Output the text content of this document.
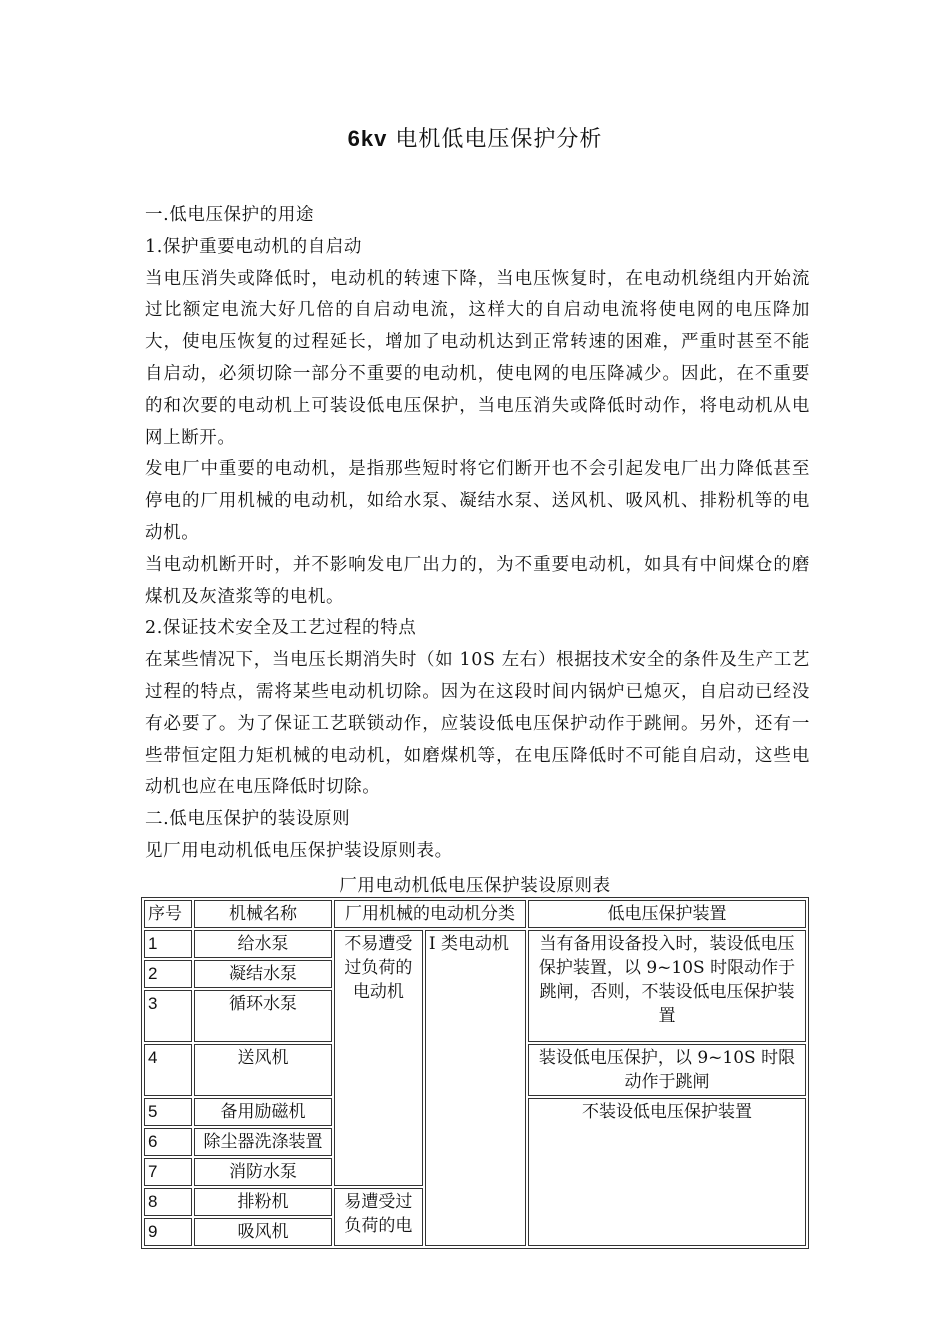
6kv 电机低电压保护分析

一.低电压保护的用途

1.保护重要电动机的自启动

当电压消失或降低时，电动机的转速下降，当电压恢复时，在电动机绕组内开始流过比额定电流大好几倍的自启动电流，这样大的自启动电流将使电网的电压降加大，使电压恢复的过程延长，增加了电动机达到正常转速的困难，严重时甚至不能自启动，必须切除一部分不重要的电动机，使电网的电压降减少。因此，在不重要的和次要的电动机上可装设低电压保护，当电压消失或降低时动作，将电动机从电网上断开。

发电厂中重要的电动机，是指那些短时将它们断开也不会引起发电厂出力降低甚至停电的厂用机械的电动机，如给水泵、凝结水泵、送风机、吸风机、排粉机等的电动机。

当电动机断开时，并不影响发电厂出力的，为不重要电动机，如具有中间煤仓的磨煤机及灰渣浆等的电机。

2.保证技术安全及工艺过程的特点

在某些情况下，当电压长期消失时（如 10S 左右）根据技术安全的条件及生产工艺过程的特点，需将某些电动机切除。因为在这段时间内锅炉已熄灭，自启动已经没有必要了。为了保证工艺联锁动作，应装设低电压保护动作于跳闸。另外，还有一些带恒定阻力矩机械的电动机，如磨煤机等，在电压降低时不可能自启动，这些电动机也应在电压降低时切除。

二.低电压保护的装设原则

见厂用电动机低电压保护装设原则表。

厂用电动机低电压保护装设原则表
序号	机械名称	厂用机械的电动机分类		低电压保护装置
1	给水泵	不易遭受过负荷的电动机	I 类电动机	当有备用设备投入时，装设低电压保护装置，以 9~10S 时限动作于跳闸，否则，不装设低电压保护装置
2	凝结水泵			
3	循环水泵			
4	送风机			装设低电压保护，以 9~10S 时限动作于跳闸
5	备用励磁机			不装设低电压保护装置
6	除尘器洗涤装置			
7	消防水泵			
8	排粉机	易遭受过负荷的电		
9	吸风机			
